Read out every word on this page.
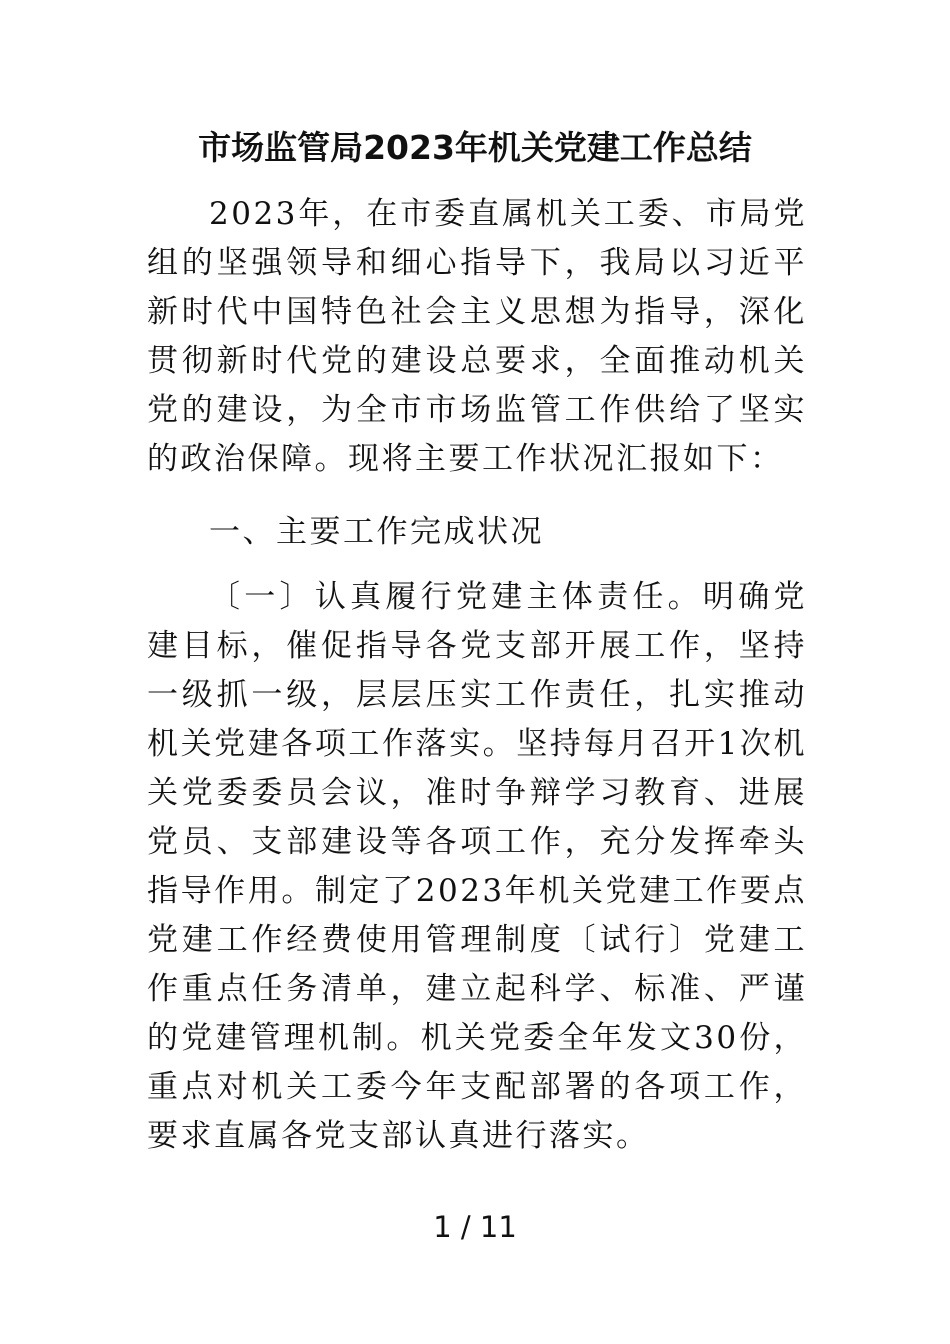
市场监管局2023年机关党建工作总结

2023年，在市委直属机关工委、市局党组的坚强领导和细心指导下，我局以习近平新时代中国特色社会主义思想为指导，深化贯彻新时代党的建设总要求，全面推动机关党的建设，为全市市场监管工作供给了坚实的政治保障。现将主要工作状况汇报如下：

一、主要工作完成状况

〔一〕认真履行党建主体责任。明确党建目标，催促指导各党支部开展工作，坚持一级抓一级，层层压实工作责任，扎实推动机关党建各项工作落实。坚持每月召开1次机关党委委员会议，准时争辩学习教育、进展党员、支部建设等各项工作，充分发挥牵头指导作用。制定了2023年机关党建工作要点党建工作经费使用管理制度〔试行〕党建工作重点任务清单，建立起科学、标准、严谨的党建管理机制。机关党委全年发文30份，重点对机关工委今年支配部署的各项工作，要求直属各党支部认真进行落实。

1 / 11
